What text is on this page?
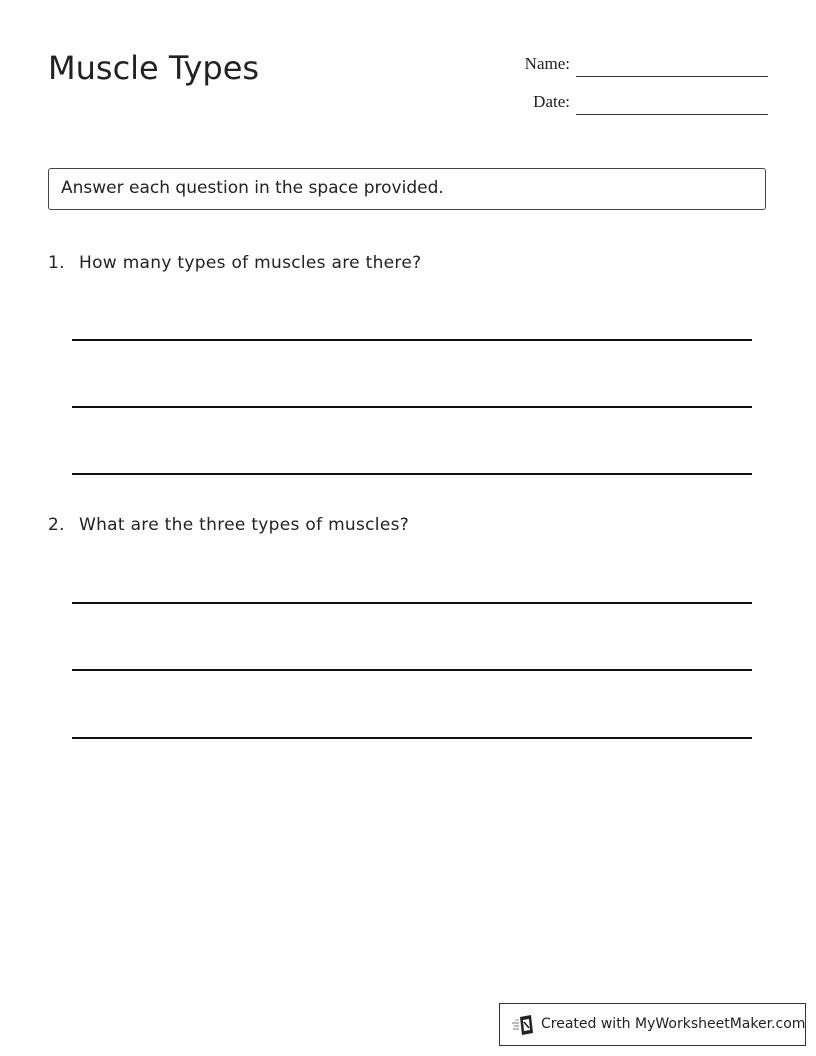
Muscle Types	Name:
Date:
Answer each question in the space provided.
1. How many types of muscles are there?
2. What are the three types of muscles?
Created with MyWorksheetMaker.com
